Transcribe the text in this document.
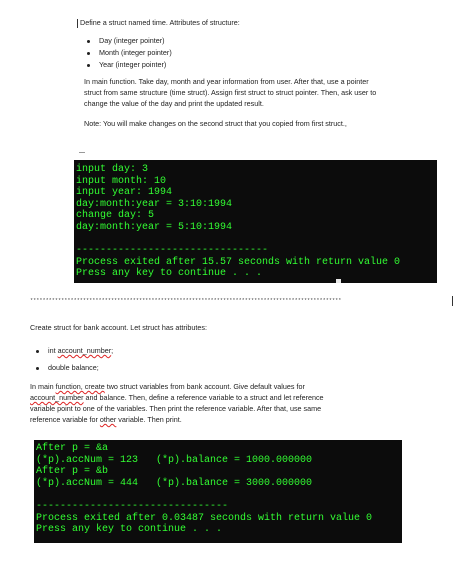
Define a struct named time. Attributes of structure:
Day (integer pointer)
Month (integer pointer)
Year (integer pointer)
In main function. Take day, month and year information from user. After that, use a pointer
struct from same structure (time struct). Assign first struct to struct pointer. Then, ask user to
change the value of the day and print the updated result.
Note: You will make changes on the second struct that you copied from first struct.,
input day: 3
input month: 10
input year: 1994
day:month:year = 3:10:1994
change day: 5
day:month:year = 5:10:1994
--------------------------------
Process exited after 15.57 seconds with return value 0
Press any key to continue . . .
****************************************************************************************************
Create struct for bank account. Let struct has attributes:
int account_number;
double balance;
In main function, create two struct variables from bank account. Give default values for
account_number and balance. Then, define a reference variable to a struct and let reference
variable point to one of the variables. Then print the reference variable. After that, use same
reference variable for other variable. Then print.
After p = &a
(*p).accNum = 123   (*p).balance = 1000.000000
After p = &b
(*p).accNum = 444   (*p).balance = 3000.000000
--------------------------------
Process exited after 0.03487 seconds with return value 0
Press any key to continue . . .
